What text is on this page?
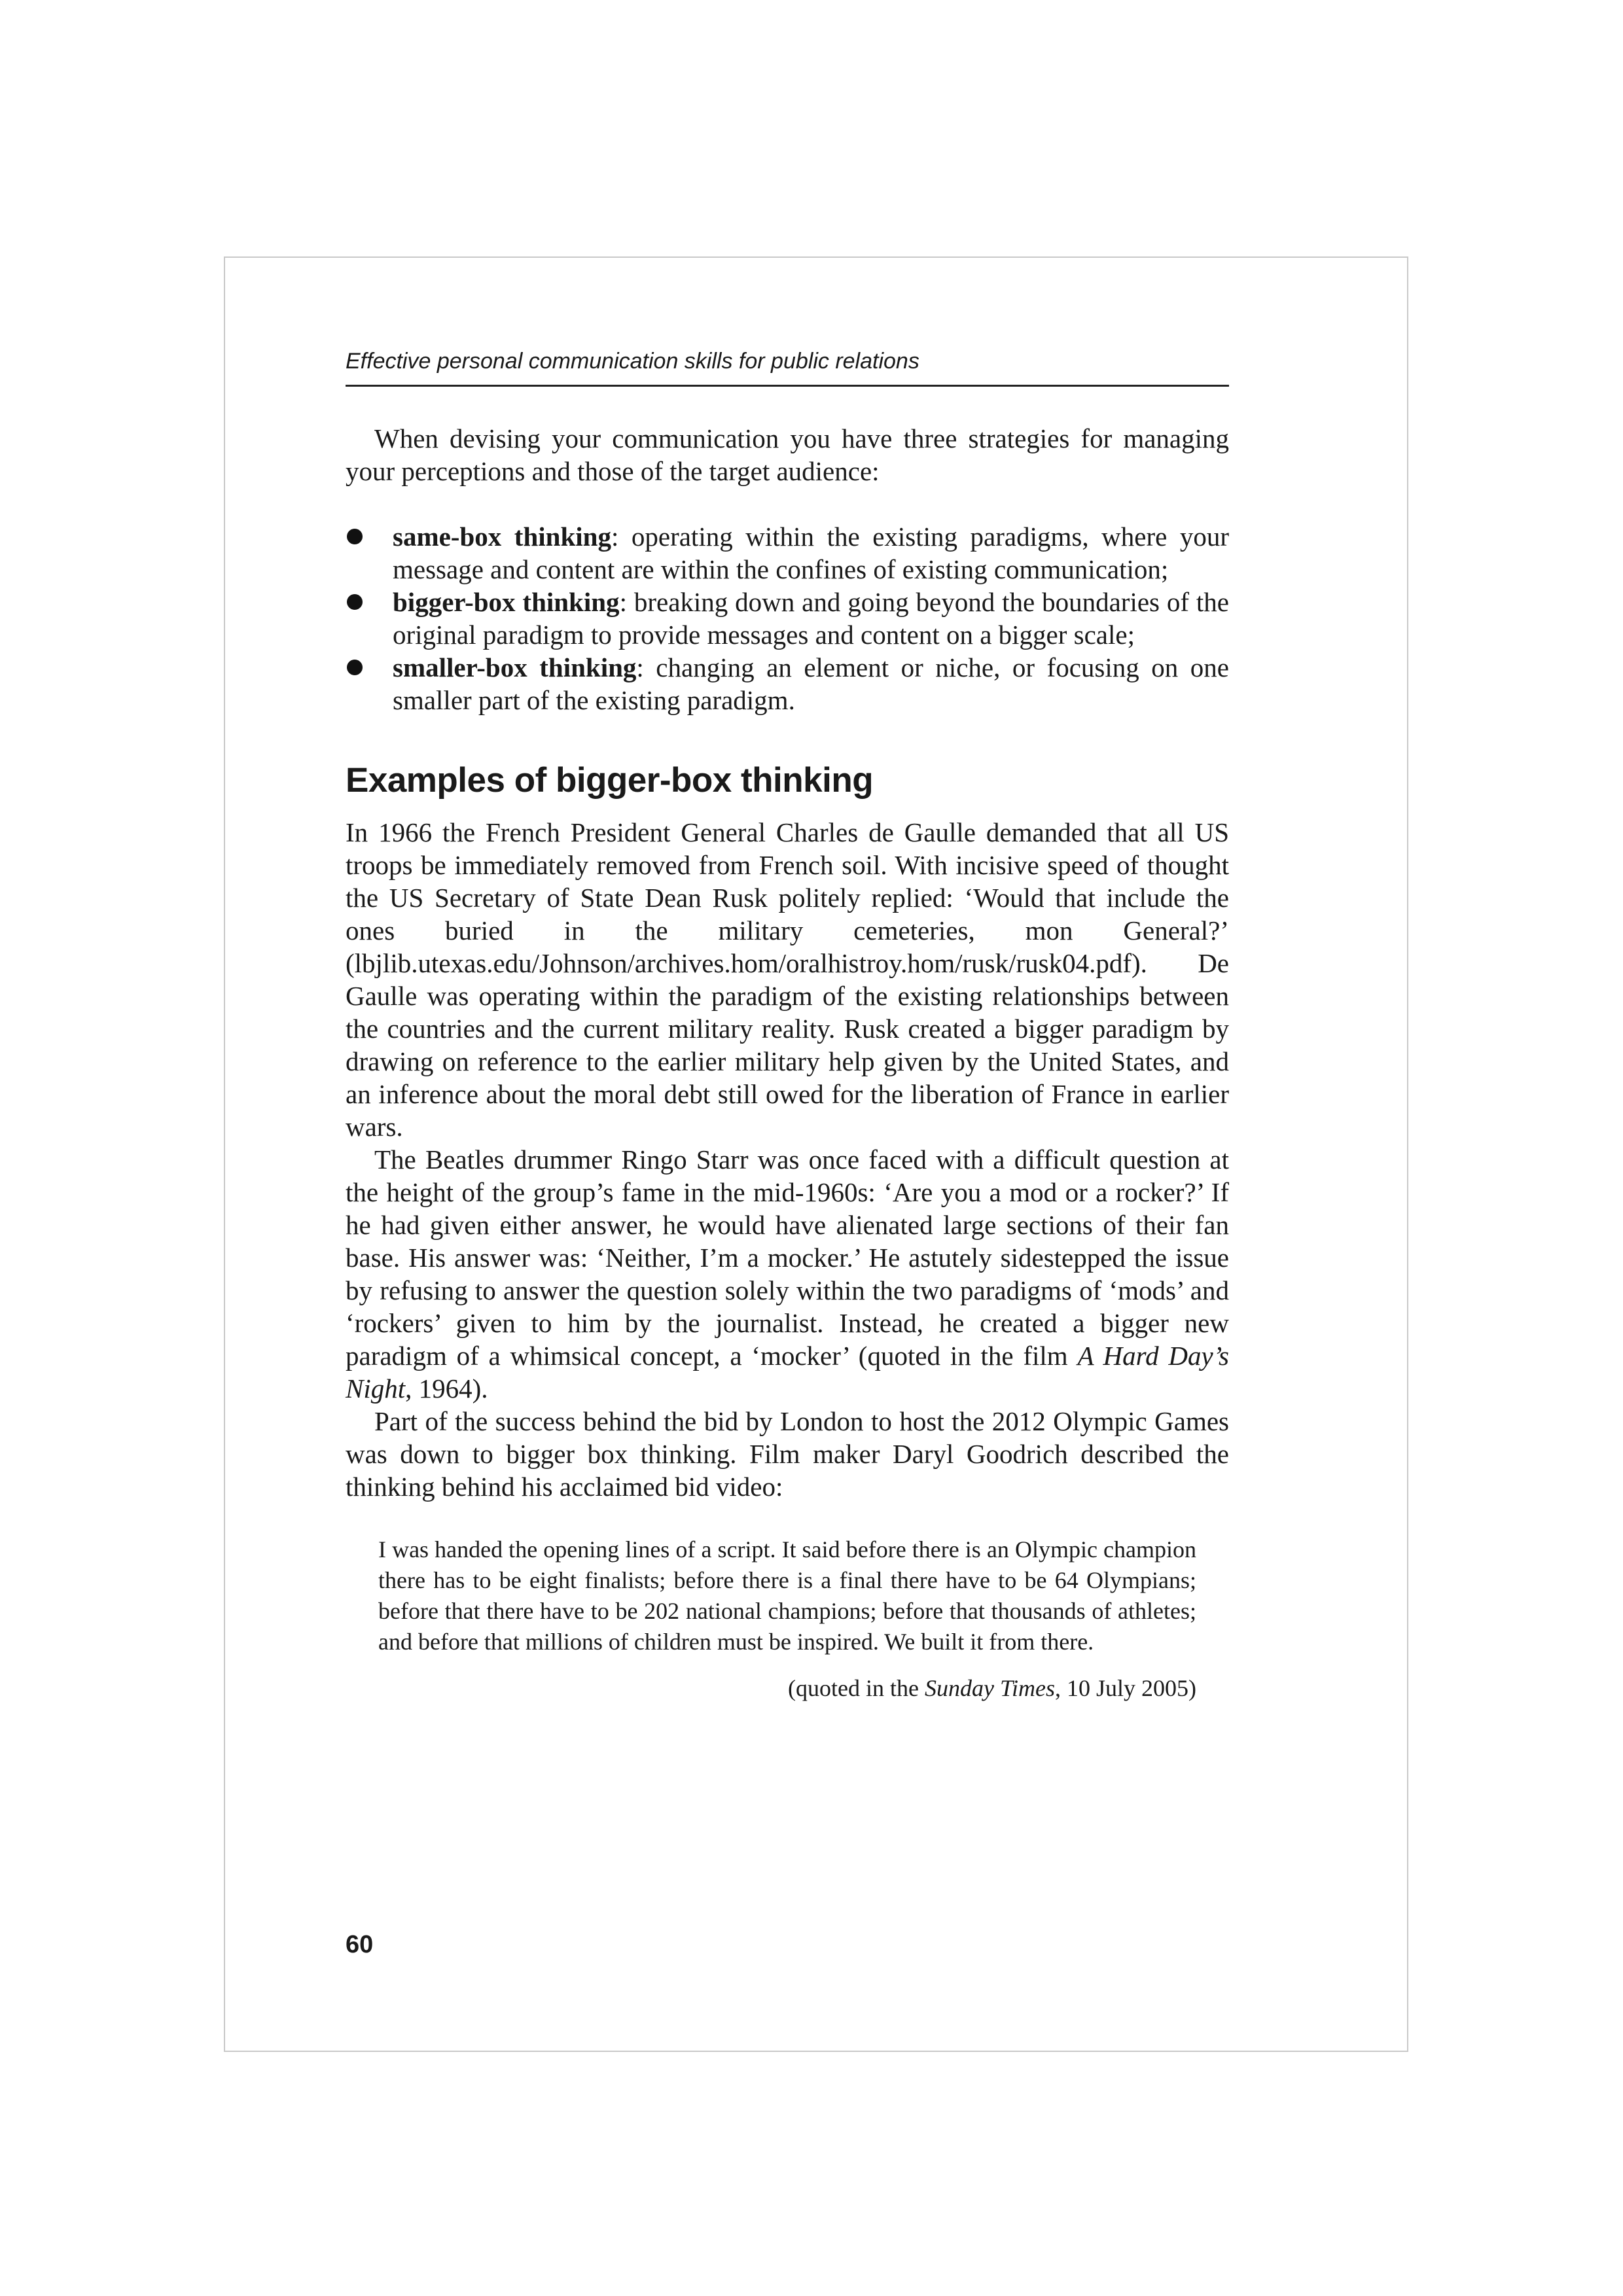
Effective personal communication skills for public relations

When devising your communication you have three strategies for managing your perceptions and those of the target audience:

same-box thinking: operating within the existing paradigms, where your message and content are within the confines of existing communication;
bigger-box thinking: breaking down and going beyond the boundaries of the original paradigm to provide messages and content on a bigger scale;
smaller-box thinking: changing an element or niche, or focusing on one smaller part of the existing paradigm.
Examples of bigger-box thinking

In 1966 the French President General Charles de Gaulle demanded that all US troops be immediately removed from French soil. With incisive speed of thought the US Secretary of State Dean Rusk politely replied: ‘Would that include the ones buried in the military cemeteries, mon General?’ (lbjlib.utexas.edu/Johnson/archives.hom/oralhistroy.hom/rusk/rusk04.pdf). De Gaulle was operating within the paradigm of the existing relationships between the countries and the current military reality. Rusk created a bigger paradigm by drawing on reference to the earlier military help given by the United States, and an inference about the moral debt still owed for the liberation of France in earlier wars.

The Beatles drummer Ringo Starr was once faced with a difficult question at the height of the group’s fame in the mid-1960s: ‘Are you a mod or a rocker?’ If he had given either answer, he would have alienated large sections of their fan base. His answer was: ‘Neither, I’m a mocker.’ He astutely sidestepped the issue by refusing to answer the question solely within the two paradigms of ‘mods’ and ‘rockers’ given to him by the journalist. Instead, he created a bigger new paradigm of a whimsical concept, a ‘mocker’ (quoted in the film A Hard Day’s Night, 1964).

Part of the success behind the bid by London to host the 2012 Olympic Games was down to bigger box thinking. Film maker Daryl Goodrich described the thinking behind his acclaimed bid video:

I was handed the opening lines of a script. It said before there is an Olympic champion there has to be eight finalists; before there is a final there have to be 64 Olympians; before that there have to be 202 national champions; before that thousands of athletes; and before that millions of children must be inspired. We built it from there.

(quoted in the Sunday Times, 10 July 2005)

60
